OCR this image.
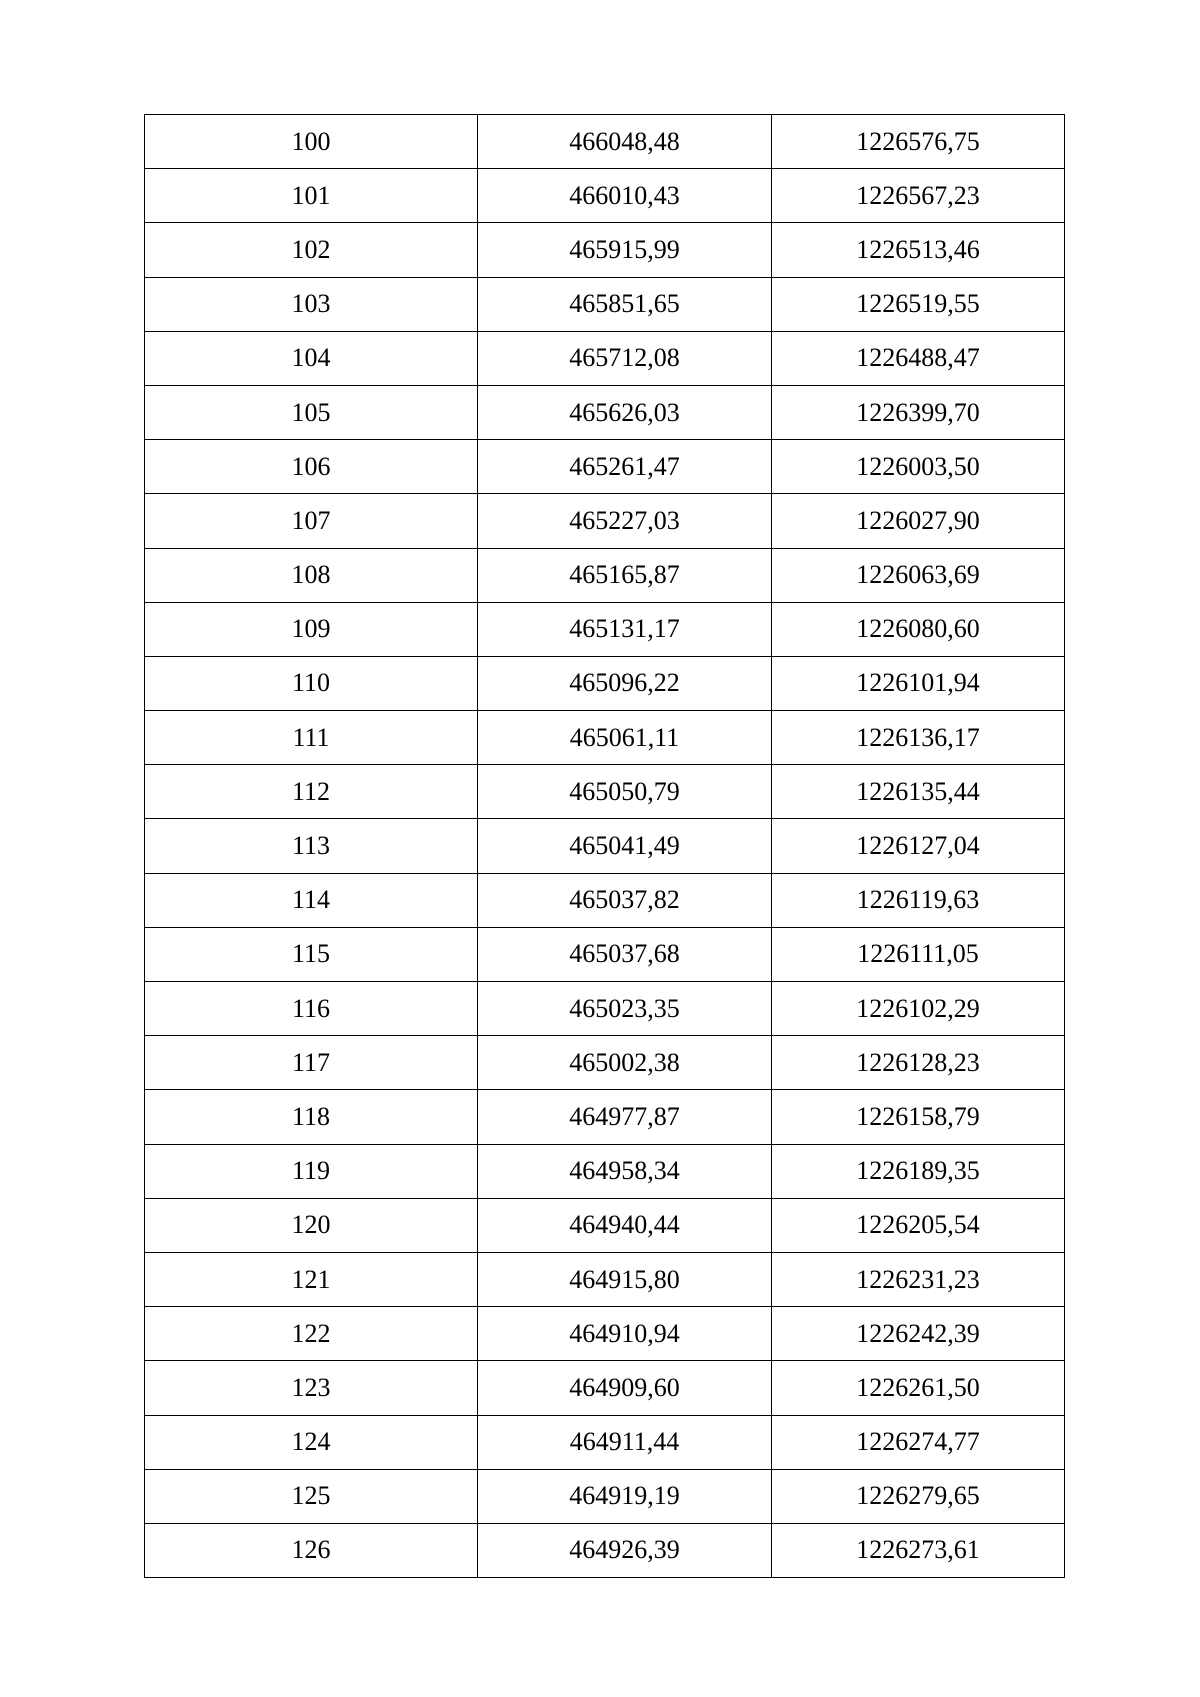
100	466048,48	1226576,75
101	466010,43	1226567,23
102	465915,99	1226513,46
103	465851,65	1226519,55
104	465712,08	1226488,47
105	465626,03	1226399,70
106	465261,47	1226003,50
107	465227,03	1226027,90
108	465165,87	1226063,69
109	465131,17	1226080,60
110	465096,22	1226101,94
111	465061,11	1226136,17
112	465050,79	1226135,44
113	465041,49	1226127,04
114	465037,82	1226119,63
115	465037,68	1226111,05
116	465023,35	1226102,29
117	465002,38	1226128,23
118	464977,87	1226158,79
119	464958,34	1226189,35
120	464940,44	1226205,54
121	464915,80	1226231,23
122	464910,94	1226242,39
123	464909,60	1226261,50
124	464911,44	1226274,77
125	464919,19	1226279,65
126	464926,39	1226273,61
